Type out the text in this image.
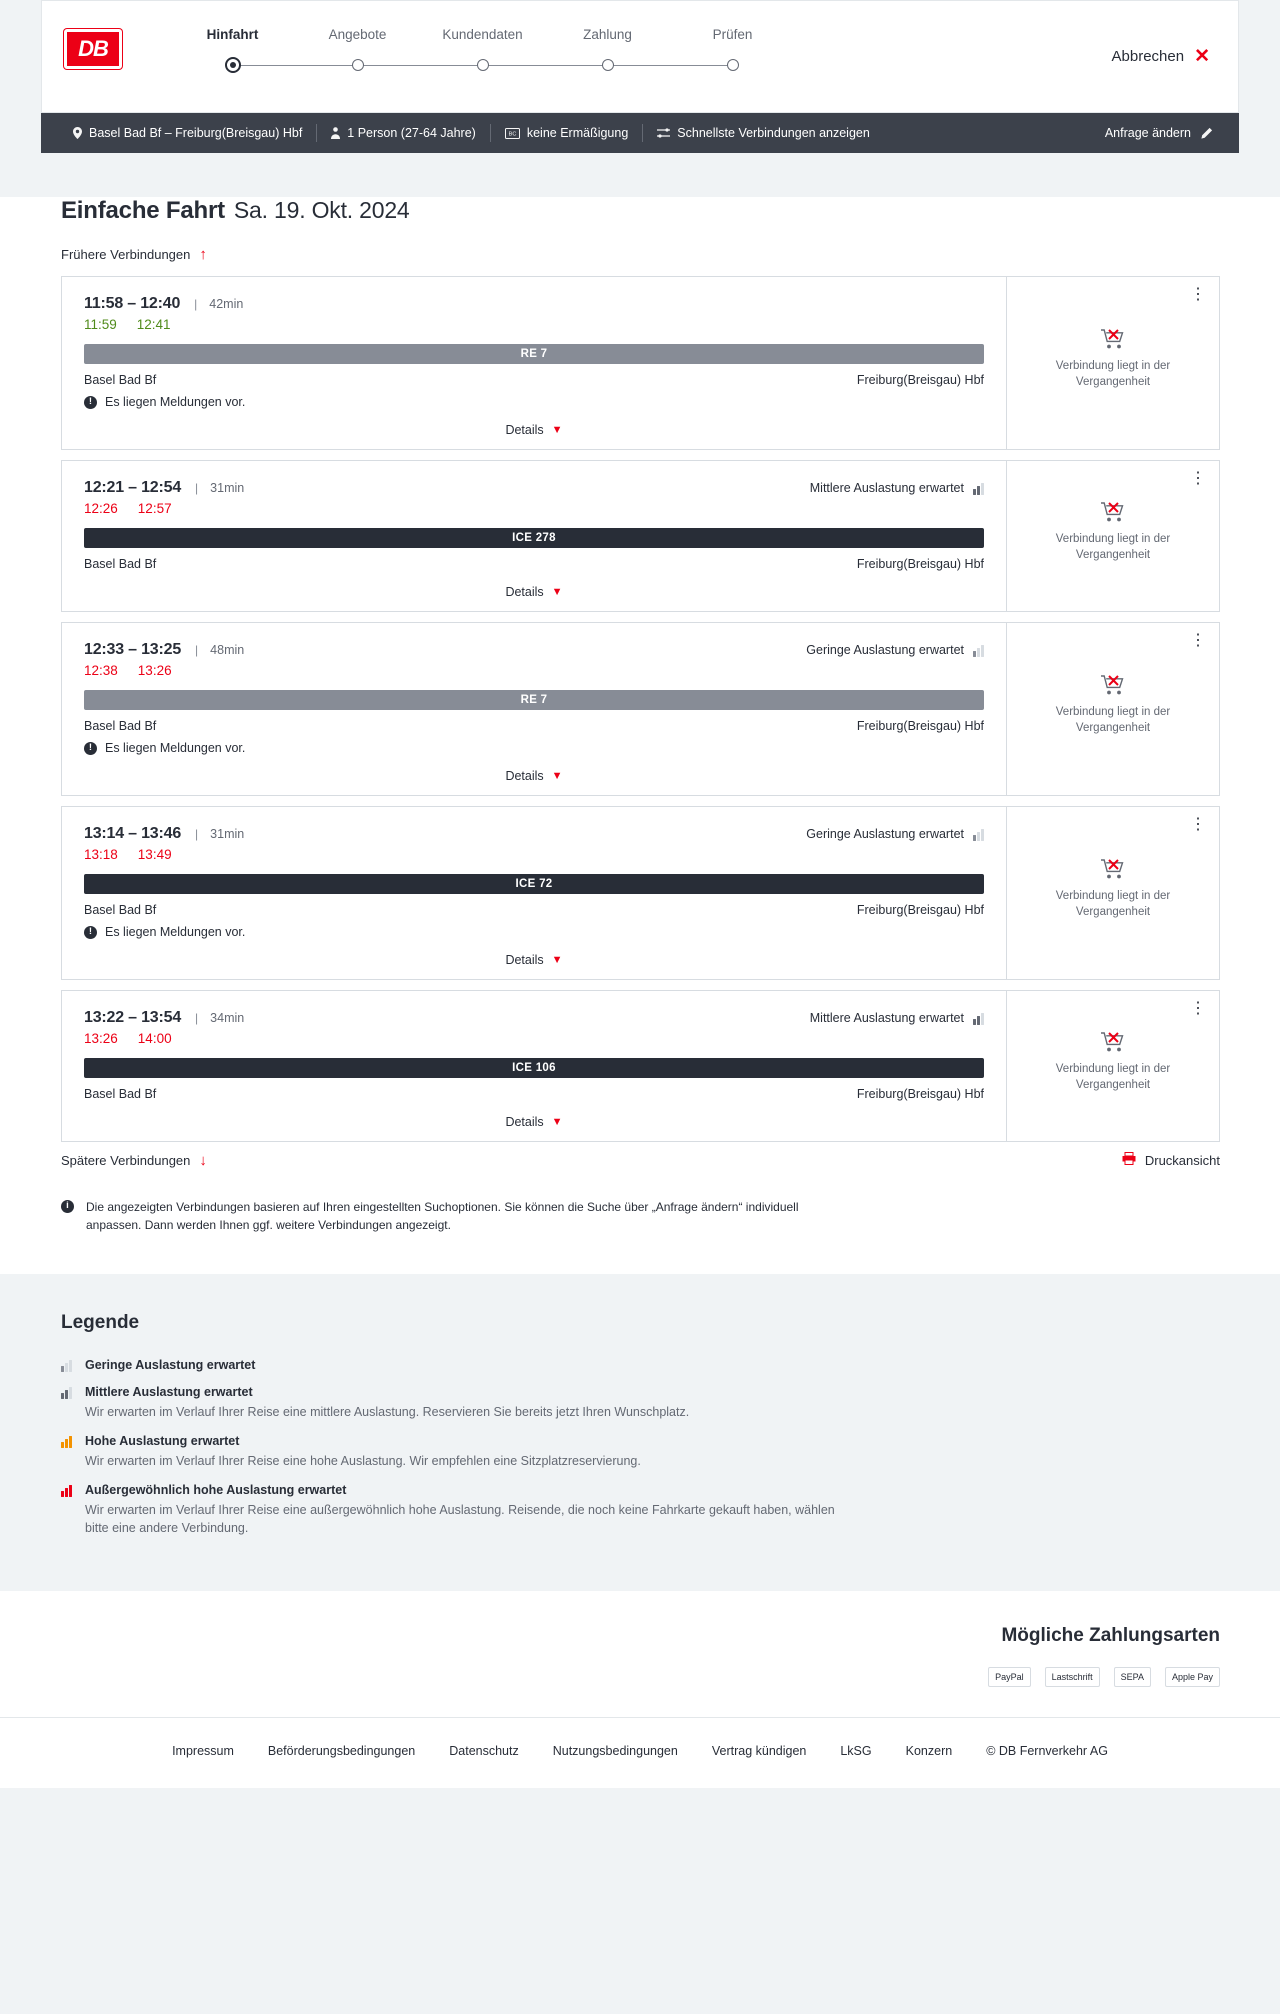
DB
Hinfahrt	Angebote	Kundendaten	Zahlung	Prüfen
Abbrechen ✕
Basel Bad Bf – Freiburg(Breisgau) Hbf	1 Person (27-64 Jahre)	BC keine Ermäßigung	Schnellste Verbindungen anzeigen	Anfrage ändern
Einfache Fahrt Sa. 19. Okt. 2024
Frühere Verbindungen ↑
11:58 – 12:40 | 42min
11:59 12:41
RE 7
Basel Bad Bf	Freiburg(Breisgau) Hbf
!	Es liegen Meldungen vor.
Details ▼
⋮
Verbindung liegt in der Vergangenheit
12:21 – 12:54 | 31min	Mittlere Auslastung erwartet
12:26 12:57
ICE 278
Basel Bad Bf	Freiburg(Breisgau) Hbf
Details ▼
⋮
Verbindung liegt in der Vergangenheit
12:33 – 13:25 | 48min	Geringe Auslastung erwartet
12:38 13:26
RE 7
Basel Bad Bf	Freiburg(Breisgau) Hbf
!	Es liegen Meldungen vor.
Details ▼
⋮
Verbindung liegt in der Vergangenheit
13:14 – 13:46 | 31min	Geringe Auslastung erwartet
13:18 13:49
ICE 72
Basel Bad Bf	Freiburg(Breisgau) Hbf
!	Es liegen Meldungen vor.
Details ▼
⋮
Verbindung liegt in der Vergangenheit
13:22 – 13:54 | 34min	Mittlere Auslastung erwartet
13:26 14:00
ICE 106
Basel Bad Bf	Freiburg(Breisgau) Hbf
Details ▼
⋮
Verbindung liegt in der Vergangenheit
Spätere Verbindungen ↓	Druckansicht
i	Die angezeigten Verbindungen basieren auf Ihren eingestellten Suchoptionen. Sie können die Suche über „Anfrage ändern“ individuell anpassen. Dann werden Ihnen ggf. weitere Verbindungen angezeigt.
Legende
Geringe Auslastung erwartet
Mittlere Auslastung erwartet
Wir erwarten im Verlauf Ihrer Reise eine mittlere Auslastung. Reservieren Sie bereits jetzt Ihren Wunschplatz.
Hohe Auslastung erwartet
Wir erwarten im Verlauf Ihrer Reise eine hohe Auslastung. Wir empfehlen eine Sitzplatzreservierung.
Außergewöhnlich hohe Auslastung erwartet
Wir erwarten im Verlauf Ihrer Reise eine außergewöhnlich hohe Auslastung. Reisende, die noch keine Fahrkarte gekauft haben, wählen bitte eine andere Verbindung.
Mögliche Zahlungsarten
PayPal	Lastschrift	SEPA	Apple Pay
Impressum	Beförderungsbedingungen	Datenschutz	Nutzungsbedingungen	Vertrag kündigen	LkSG	Konzern	© DB Fernverkehr AG
